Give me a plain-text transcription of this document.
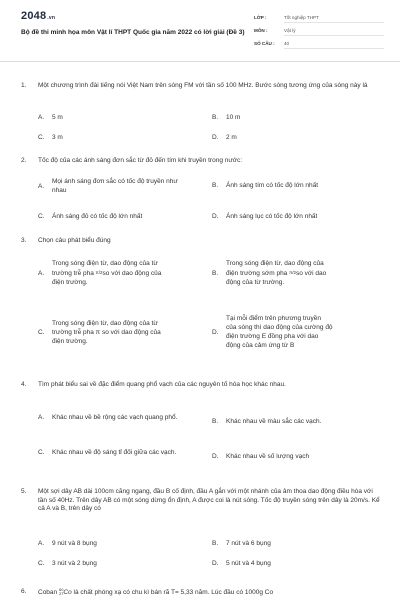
2048.vn
Bộ đề thi minh họa môn Vật lí THPT Quốc gia năm 2022 có lời giải (Đề 3)
LỚP :	Tốt nghiệp THPT
MÔN :	Vật lý
SỐ CÂU : 40
1. Một chương trình đài tiếng nói Việt Nam trên sóng FM với tần số 100 MHz. Bước sóng tương ứng của sóng này là
A.	5 m	B.	10 m
C.	3 m	D.	2 m
2. Tốc độ của các ánh sáng đơn sắc từ đỏ đến tím khi truyền trong nước:
A.
Mọi ánh sáng đơn sắc có tốc độ truyền như nhau
B.	Ánh sáng tím có tốc độ lớn nhất
C.	Ánh sáng đỏ có tốc độ lớn nhất	D.	Ánh sáng lục có tốc độ lớn nhất
3. Chọn câu phát biểu đúng
A.
Trong sóng điện từ, dao động của từ
trường trễ pha π/2so với dao động của
điện trường.
B.
Trong sóng điện từ, dao động của
điện trường sớm pha π/2so với dao
động của từ trường.
C.
Trong sóng điện từ, dao động của từ
trường trễ pha π so với dao động của
điện trường.
D.
Tại mỗi điểm trên phương truyền
của sóng thì dao động của cường độ
điện trường E đồng pha với dao
động của cảm ứng từ B
4. Tìm phát biểu sai về đặc điểm quang phổ vạch của các nguyên tố hóa học khác nhau.
A.	Khác nhau về bề rộng các vạch quang phổ.
B.	Khác nhau về màu sắc các vạch.
C.	Khác nhau về độ sáng tỉ đối giữa các vạch.
D.	Khác nhau về số lượng vạch
5. Một sợi dây AB dài 100cm căng ngang, đầu B cố định, đầu A gắn với một nhánh của âm thoa dao động điều hòa với tần số 40Hz. Trên dây AB có một sóng dừng ổn định, A được coi là nút sóng. Tốc độ truyền sóng trên dây là 20m/s. Kể cả A và B, trên dây có
A.	9 nút và 8 bụng	B.	7 nút và 6 bụng
C.	3 nút và 2 bụng	D.	5 nút và 4 bụng
6. Coban 60
27 Co là chất phóng xạ có chu kì bán rã T= 5,33 năm. Lúc đầu có 1000g Co
